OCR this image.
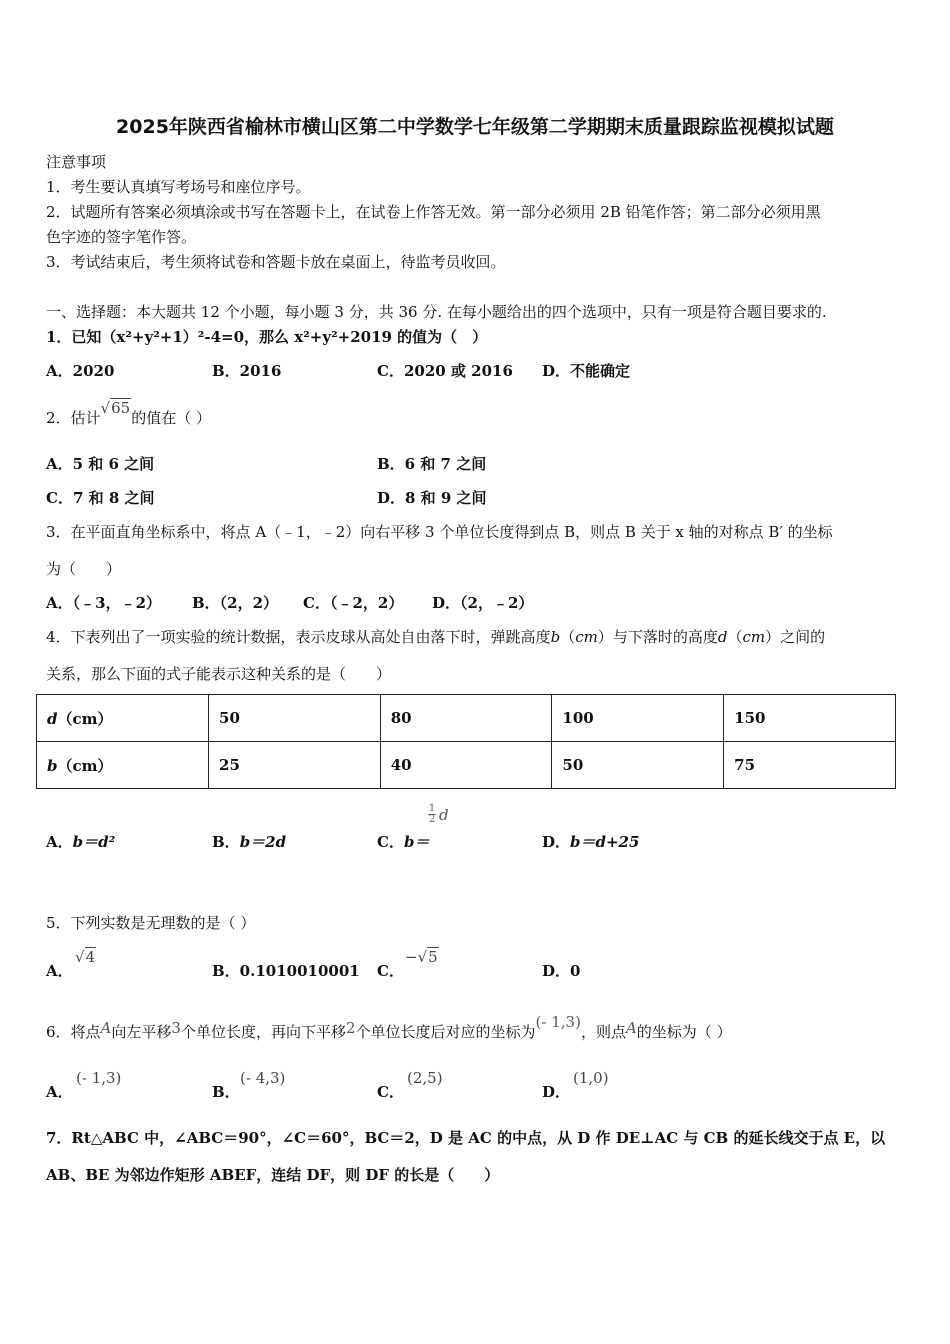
2025年陕西省榆林市横山区第二中学数学七年级第二学期期末质量跟踪监视模拟试题
注意事项
1．考生要认真填写考场号和座位序号。
2．试题所有答案必须填涂或书写在答题卡上，在试卷上作答无效。第一部分必须用 2B 铅笔作答；第二部分必须用黑
色字迹的签字笔作答。
3．考试结束后，考生须将试卷和答题卡放在桌面上，待监考员收回。
一、选择题：本大题共 12 个小题，每小题 3 分，共 36 分. 在每小题给出的四个选项中，只有一项是符合题目要求的.
1．已知（x²+y²+1）²-4=0，那么 x²+y²+2019 的值为（　）
A．2020	B．2016	C．2020 或 2016 D．不能确定
2．估计√65的值在（ ）
A．5 和 6 之间	B．6 和 7 之间
C．7 和 8 之间	D．8 和 9 之间
3．在平面直角坐标系中，将点 A（﹣1，﹣2）向右平移 3 个单位长度得到点 B，则点 B 关于 x 轴的对称点 B′ 的坐标
为（　　）
A．（﹣3，﹣2） B．（2，2） C．（﹣2，2） D．（2，﹣2）
4．下表列出了一项实验的统计数据，表示皮球从高处自由落下时，弹跳高度b（cm）与下落时的高度d（cm）之间的
关系，那么下面的式子能表示这种关系的是（　　）
d（cm）	50	80	100	150
b（cm）	25	40	50	75
A．b＝d²	B．b＝2d	C．b＝
1
2 d
D．b＝d+25
5．下列实数是无理数的是（ ）
A．
√4
B．0.1010010001 C．
−√5
D．0
6．将点A向左平移3个单位长度，再向下平移2个单位长度后对应的坐标为(- 1,3)，则点A的坐标为（ ）
A．
(- 1,3)
B．
(- 4,3)
C．
(2,5)
D．
(1,0)
7．Rt△ABC 中，∠ABC＝90°，∠C＝60°，BC＝2，D 是 AC 的中点，从 D 作 DE⊥AC 与 CB 的延长线交于点 E，以
AB、BE 为邻边作矩形 ABEF，连结 DF，则 DF 的长是（　　）
